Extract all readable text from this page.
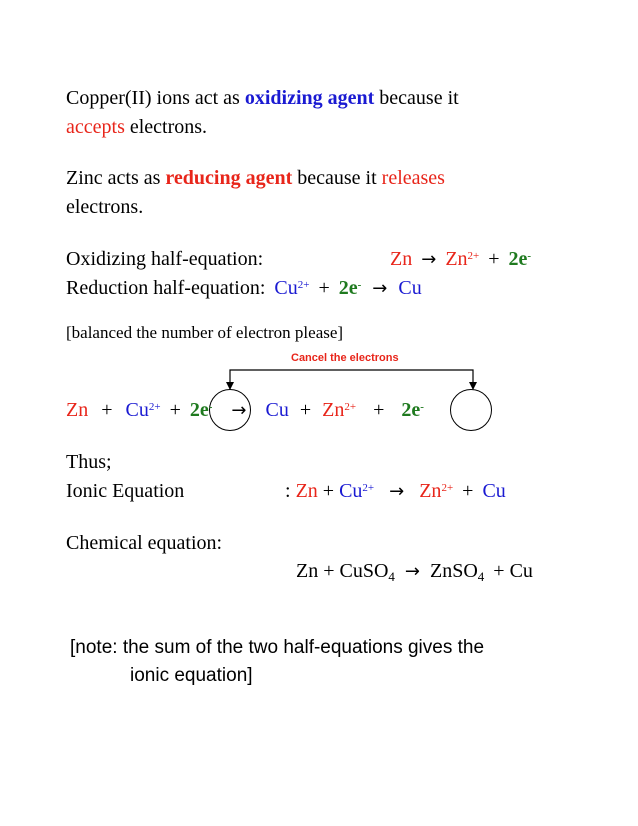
Copper(II) ions act as oxidizing agent because it
accepts electrons.
Zinc acts as reducing agent because it releases
electrons.
Oxidizing half-equation:	$Zn \to Zn^{2+} + 2e^-$
Reduction half-equation: $Cu^{2+} + 2e^- \to Cu$
[balanced the number of electron please]
Cancel the electrons
$Zn + Cu^{2+} + 2e^- \to Cu + Zn^{2+} + 2e^-$
Thus;
Ionic Equation	: $Zn + Cu^{2+} \to Zn^{2+} + Cu$
Chemical equation:
Zn + CuSO$_4$ → ZnSO$_4$ + Cu
[note: the sum of the two half-equations gives the
ionic equation]
